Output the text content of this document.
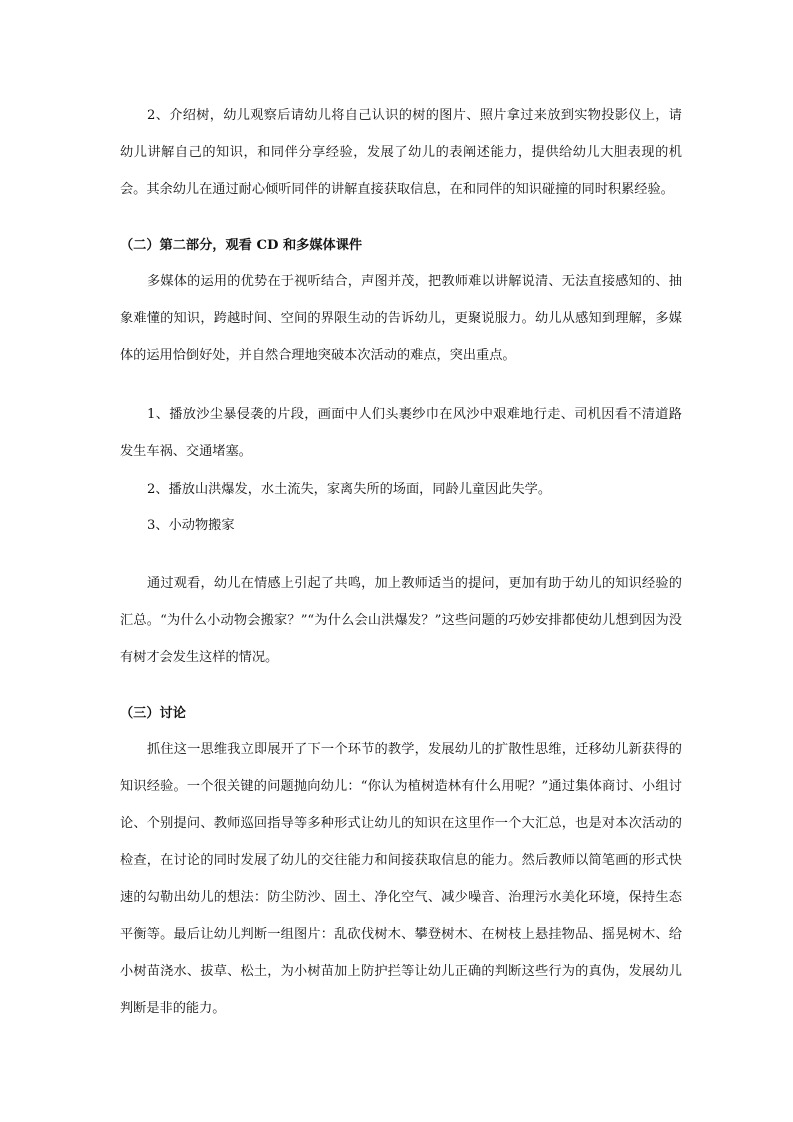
2、介绍树，幼儿观察后请幼儿将自己认识的树的图片、照片拿过来放到实物投影仪上，请幼儿讲解自己的知识，和同伴分享经验，发展了幼儿的表阐述能力，提供给幼儿大胆表现的机会。其余幼儿在通过耐心倾听同伴的讲解直接获取信息，在和同伴的知识碰撞的同时积累经验。

（二）第二部分，观看 CD 和多媒体课件

多媒体的运用的优势在于视听结合，声图并茂，把教师难以讲解说清、无法直接感知的、抽象难懂的知识，跨越时间、空间的界限生动的告诉幼儿，更聚说服力。幼儿从感知到理解，多媒体的运用恰倒好处，并自然合理地突破本次活动的难点，突出重点。

1、播放沙尘暴侵袭的片段，画面中人们头裹纱巾在风沙中艰难地行走、司机因看不清道路发生车祸、交通堵塞。

2、播放山洪爆发，水土流失，家离失所的场面，同龄儿童因此失学。

3、小动物搬家

通过观看，幼儿在情感上引起了共鸣，加上教师适当的提问，更加有助于幼儿的知识经验的汇总。“为什么小动物会搬家？”“为什么会山洪爆发？”这些问题的巧妙安排都使幼儿想到因为没有树才会发生这样的情况。

（三）讨论

抓住这一思维我立即展开了下一个环节的教学，发展幼儿的扩散性思维，迁移幼儿新获得的知识经验。一个很关键的问题抛向幼儿：“你认为植树造林有什么用呢？”通过集体商讨、小组讨论、个别提问、教师巡回指导等多种形式让幼儿的知识在这里作一个大汇总，也是对本次活动的检查，在讨论的同时发展了幼儿的交往能力和间接获取信息的能力。然后教师以简笔画的形式快速的勾勒出幼儿的想法：防尘防沙、固土、净化空气、减少噪音、治理污水美化环境，保持生态平衡等。最后让幼儿判断一组图片：乱砍伐树木、攀登树木、在树枝上悬挂物品、摇晃树木、给小树苗浇水、拔草、松土，为小树苗加上防护拦等让幼儿正确的判断这些行为的真伪，发展幼儿判断是非的能力。
